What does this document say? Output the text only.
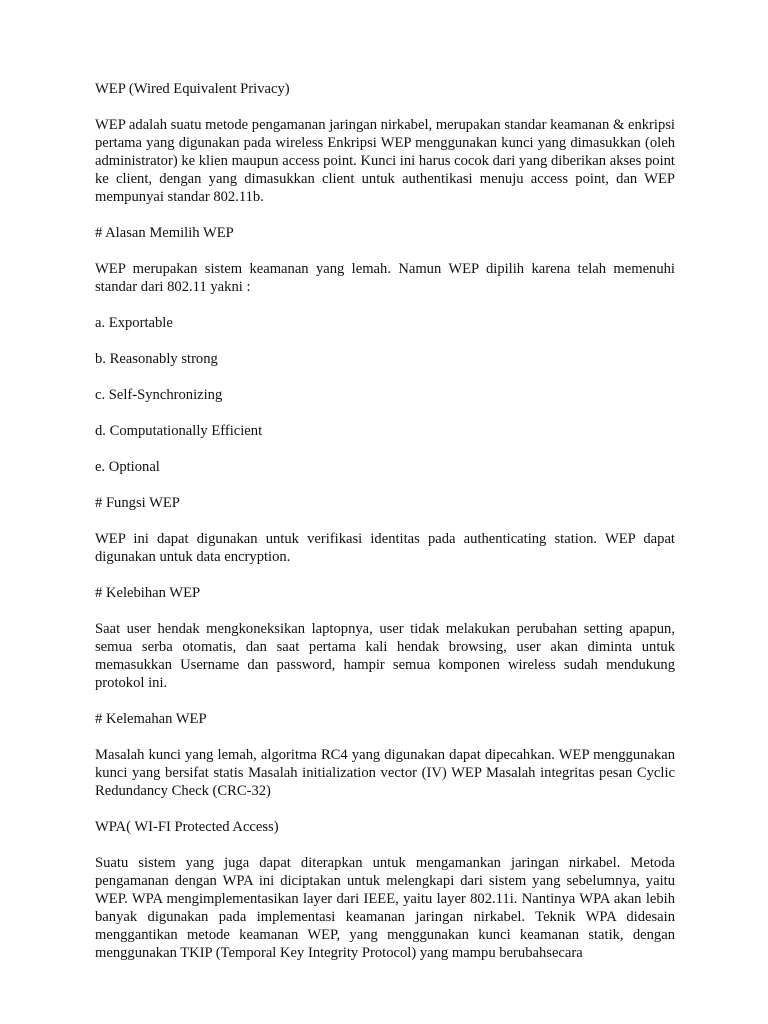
WEP (Wired Equivalent Privacy)

WEP adalah suatu metode pengamanan jaringan nirkabel, merupakan standar keamanan & enkripsi pertama yang digunakan pada wireless Enkripsi WEP menggunakan kunci yang dimasukkan (oleh administrator) ke klien maupun access point. Kunci ini harus cocok dari yang diberikan akses point ke client, dengan yang dimasukkan client untuk authentikasi menuju access point, dan WEP mempunyai standar 802.11b.

# Alasan Memilih WEP

WEP merupakan sistem keamanan yang lemah. Namun WEP dipilih karena telah memenuhi standar dari 802.11 yakni :

a. Exportable

b. Reasonably strong

c. Self-Synchronizing

d. Computationally Efficient

e. Optional

# Fungsi WEP

WEP ini dapat digunakan untuk verifikasi identitas pada authenticating station. WEP dapat digunakan untuk data encryption.

# Kelebihan WEP

Saat user hendak mengkoneksikan laptopnya, user tidak melakukan perubahan setting apapun, semua serba otomatis, dan saat pertama kali hendak browsing, user akan diminta untuk memasukkan Username dan password, hampir semua komponen wireless sudah mendukung protokol ini.

# Kelemahan WEP

Masalah kunci yang lemah, algoritma RC4 yang digunakan dapat dipecahkan. WEP menggunakan kunci yang bersifat statis Masalah initialization vector (IV) WEP Masalah integritas pesan Cyclic Redundancy Check (CRC-32)

WPA( WI-FI Protected Access)

Suatu sistem yang juga dapat diterapkan untuk mengamankan jaringan nirkabel. Metoda pengamanan dengan WPA ini diciptakan untuk melengkapi dari sistem yang sebelumnya, yaitu WEP. WPA mengimplementasikan layer dari IEEE, yaitu layer 802.11i. Nantinya WPA akan lebih banyak digunakan pada implementasi keamanan jaringan nirkabel. Teknik WPA didesain menggantikan metode keamanan WEP, yang menggunakan kunci keamanan statik, dengan menggunakan TKIP (Temporal Key Integrity Protocol) yang mampu berubahsecara
